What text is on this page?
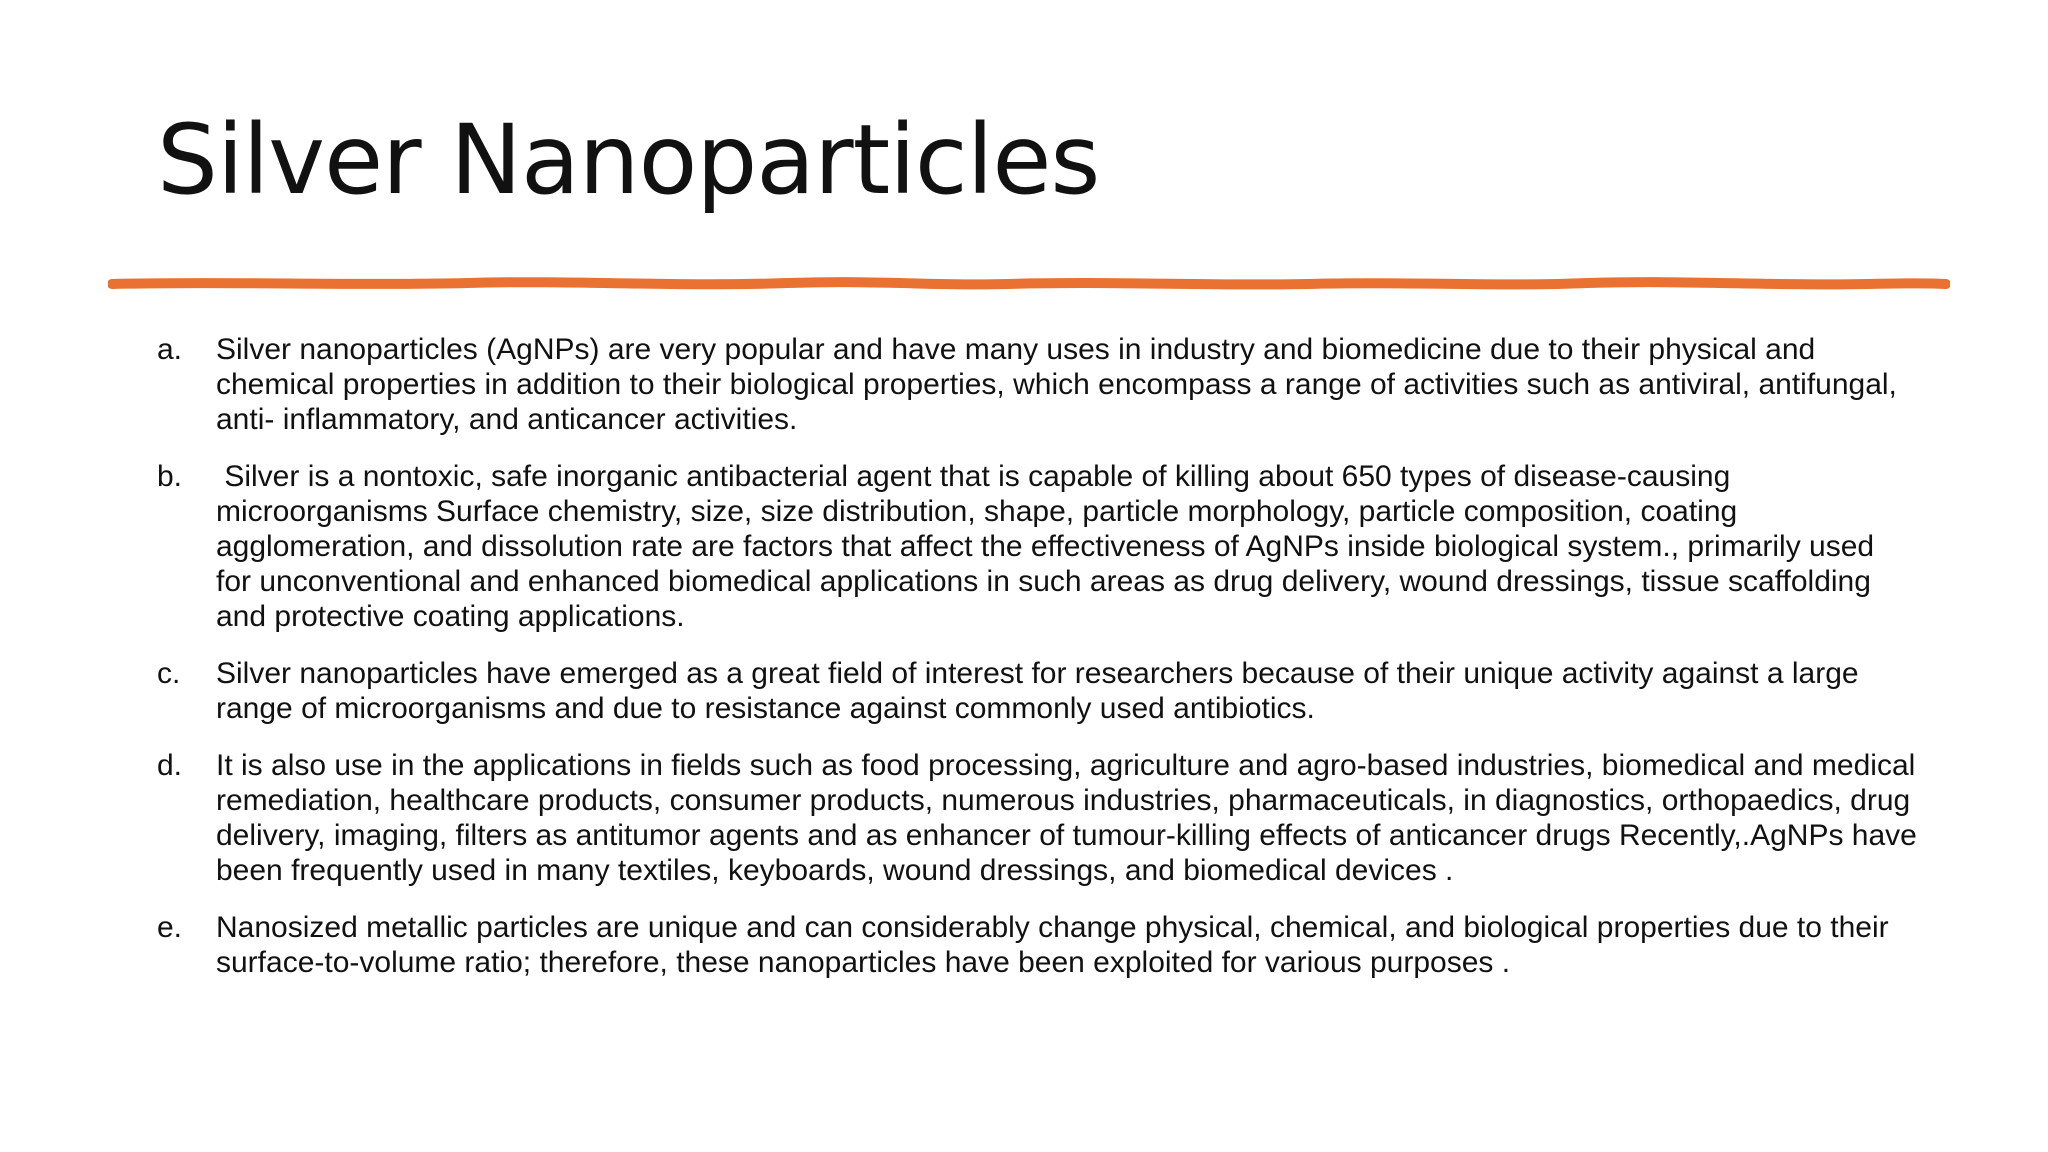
Silver Nanoparticles
a.	Silver nanoparticles (AgNPs) are very popular and have many uses in industry and biomedicine due to their physical and chemical properties in addition to their biological properties, which encompass a range of activities such as antiviral, antifungal, anti- inflammatory, and anticancer activities.
b.	Silver is a nontoxic, safe inorganic antibacterial agent that is capable of killing about 650 types of disease-causing microorganisms Surface chemistry, size, size distribution, shape, particle morphology, particle composition, coating agglomeration, and dissolution rate are factors that affect the effectiveness of AgNPs inside biological system., primarily used for unconventional and enhanced biomedical applications in such areas as drug delivery, wound dressings, tissue scaffolding and protective coating applications.
c.	Silver nanoparticles have emerged as a great field of interest for researchers because of their unique activity against a large range of microorganisms and due to resistance against commonly used antibiotics.
d.	It is also use in the applications in fields such as food processing, agriculture and agro-based industries, biomedical and medical remediation, healthcare products, consumer products, numerous industries, pharmaceuticals, in diagnostics, orthopaedics, drug delivery, imaging, filters as antitumor agents and as enhancer of tumour-killing effects of anticancer drugs Recently,.AgNPs have been frequently used in many textiles, keyboards, wound dressings, and biomedical devices .
e.	Nanosized metallic particles are unique and can considerably change physical, chemical, and biological properties due to their surface-to-volume ratio; therefore, these nanoparticles have been exploited for various purposes .
